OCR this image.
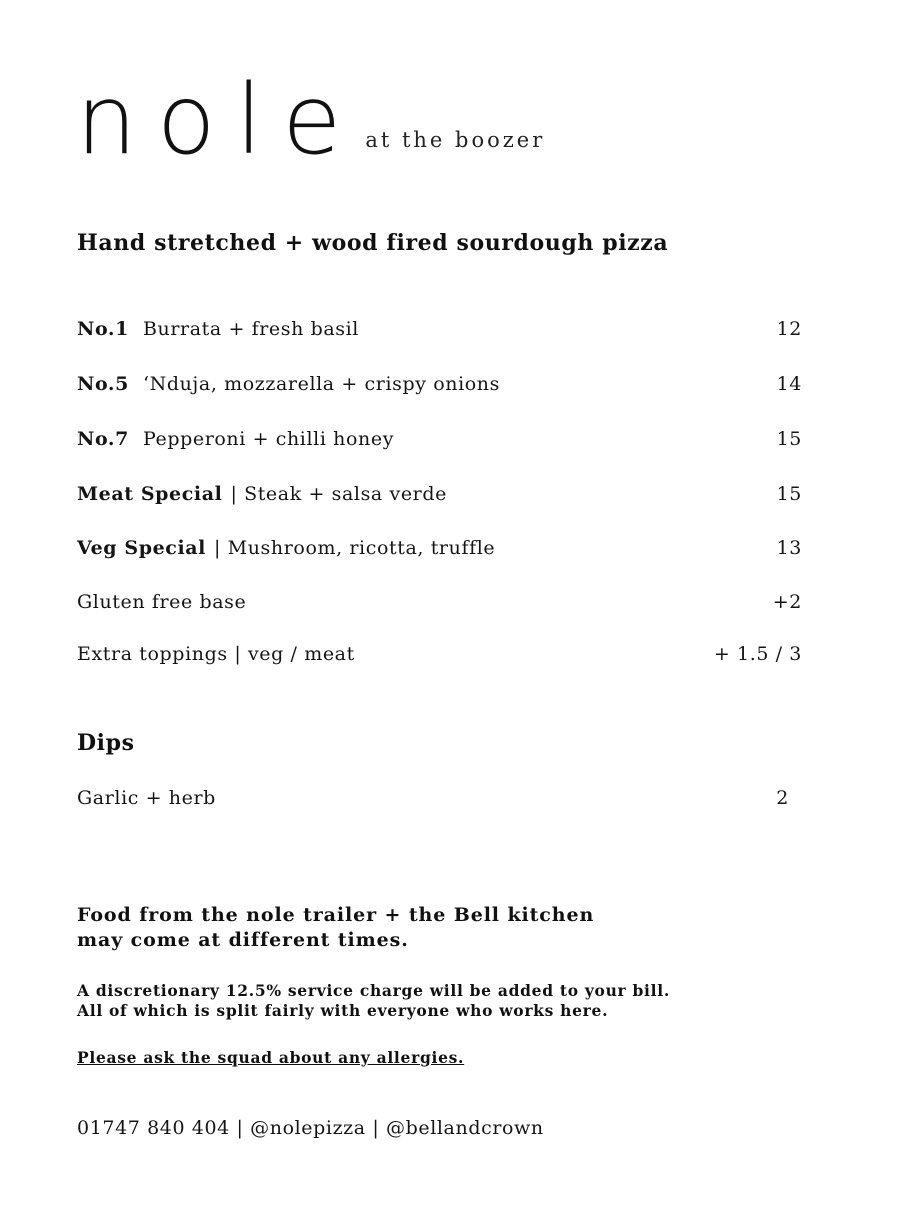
nole at the boozer
Hand stretched + wood fired sourdough pizza
No.1 Burrata + fresh basil	12
No.5 ‘Nduja, mozzarella + crispy onions	14
No.7 Pepperoni + chilli honey	15
Meat Special | Steak + salsa verde	15
Veg Special | Mushroom, ricotta, truffle	13
Gluten free base	+2
Extra toppings | veg / meat	+ 1.5 / 3
Dips
Garlic + herb	2
Food from the nole trailer + the Bell kitchen
may come at different times.
A discretionary 12.5% service charge will be added to your bill.
All of which is split fairly with everyone who works here.
Please ask the squad about any allergies.
01747 840 404 | @nolepizza | @bellandcrown
